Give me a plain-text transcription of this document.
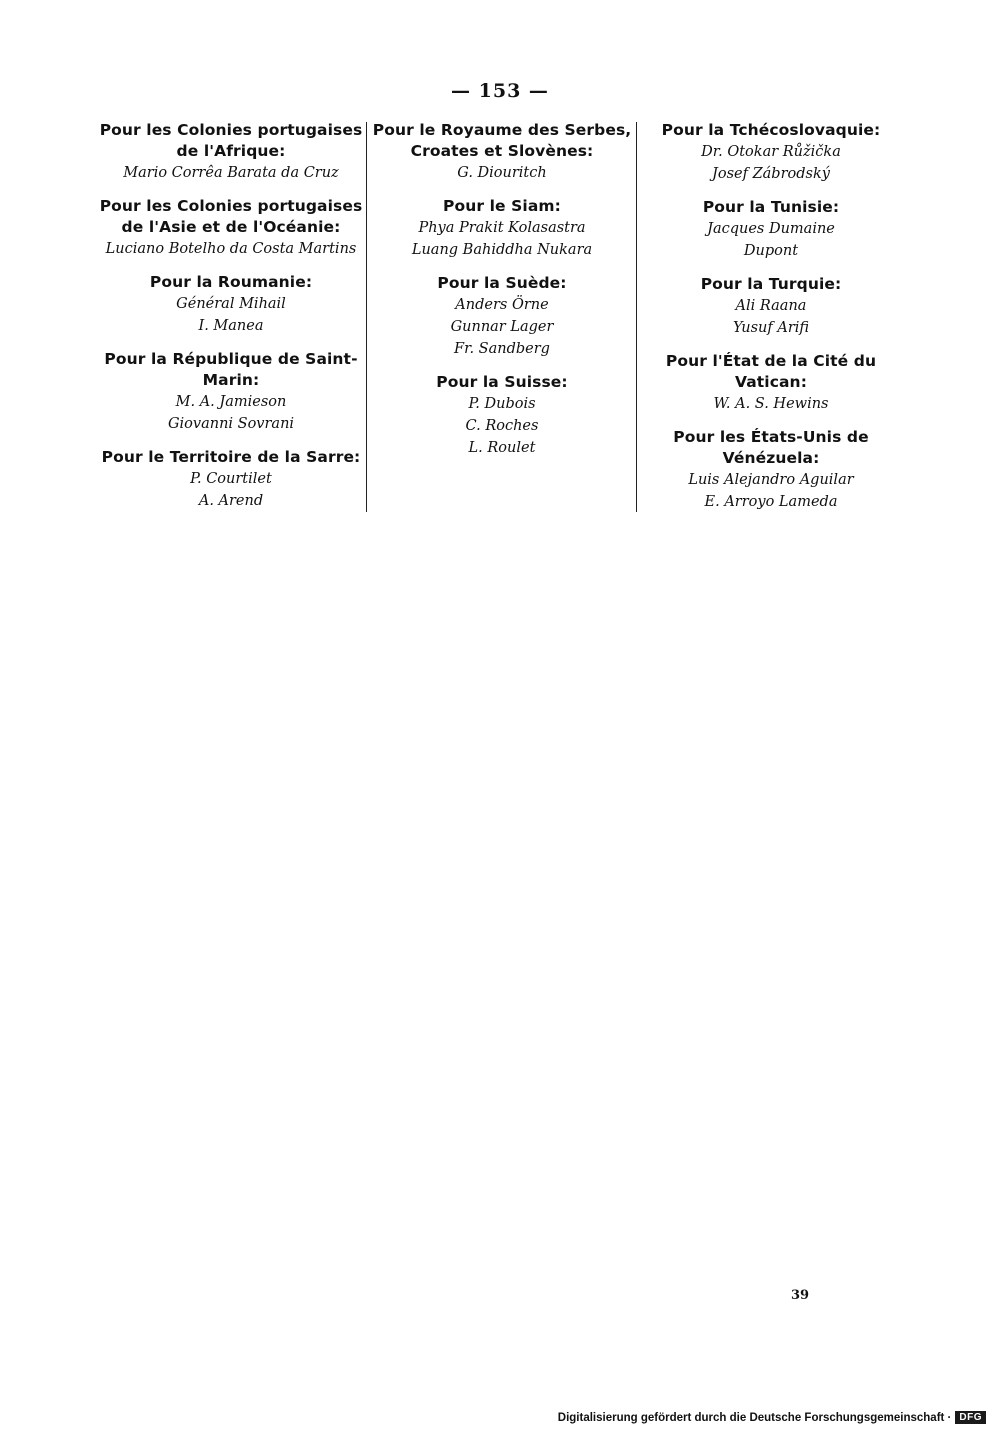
— 153 —
Pour les Colonies portugaises
de l'Afrique:
Mario Corrêa Barata da Cruz
Pour les Colonies portugaises
de l'Asie et de l'Océanie:
Luciano Botelho da Costa Martins
Pour la Roumanie:
Général Mihail
I. Manea
Pour la République de Saint-Marin:
M. A. Jamieson
Giovanni Sovrani
Pour le Territoire de la Sarre:
P. Courtilet
A. Arend
Pour le Royaume des Serbes,
Croates et Slovènes:
G. Diouritch
Pour le Siam:
Phya Prakit Kolasastra
Luang Bahiddha Nukara
Pour la Suède:
Anders Örne
Gunnar Lager
Fr. Sandberg
Pour la Suisse:
P. Dubois
C. Roches
L. Roulet
Pour la Tchécoslovaquie:
Dr. Otokar Růžička
Josef Zábrodský
Pour la Tunisie:
Jacques Dumaine
Dupont
Pour la Turquie:
Ali Raana
Yusuf Arifi
Pour l'État de la Cité du Vatican:
W. A. S. Hewins
Pour les États-Unis de Vénézuela:
Luis Alejandro Aguilar
E. Arroyo Lameda
39
Digitalisierung gefördert durch die Deutsche Forschungsgemeinschaft · DFG
